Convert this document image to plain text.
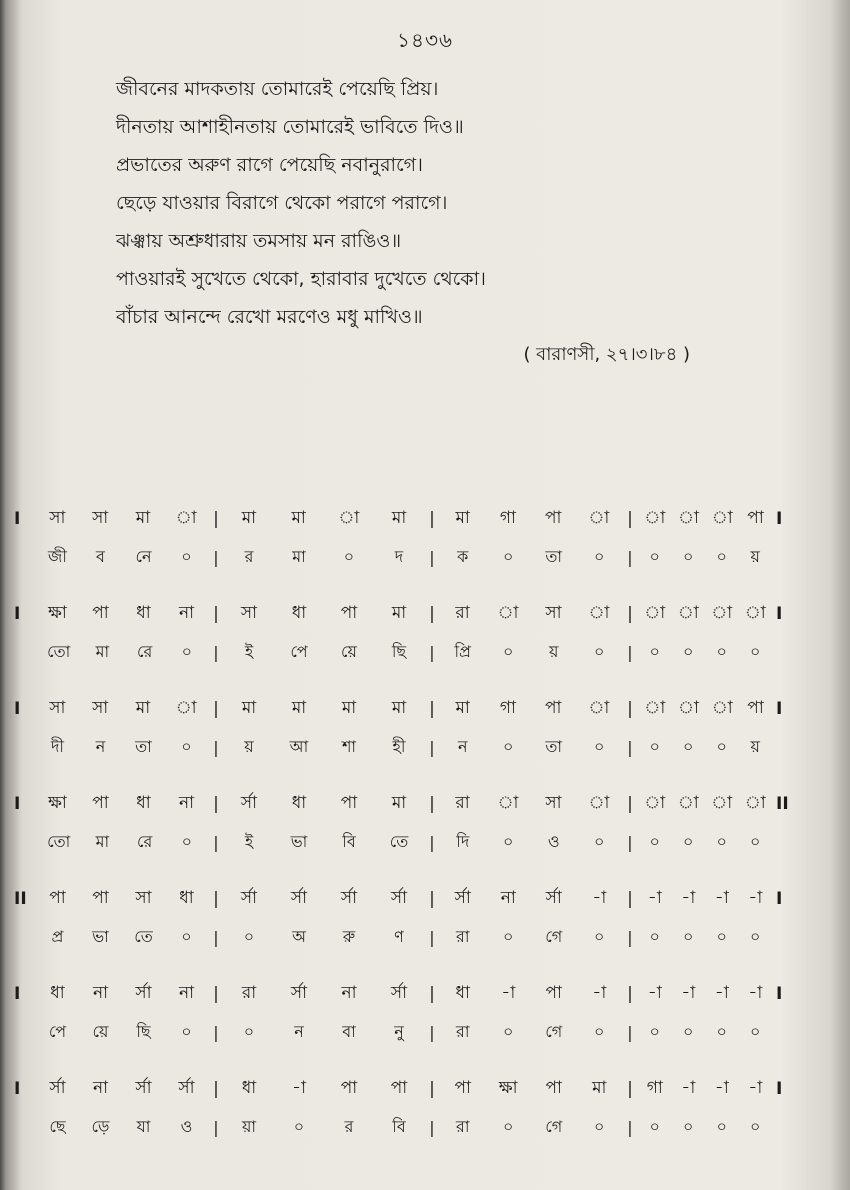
১৪৩৬
জীবনের মাদকতায় তোমারেই পেয়েছি প্রিয়।
দীনতায় আশাহীনতায় তোমারেই ভাবিতে দিও॥
প্রভাতের অরুণ রাগে পেয়েছি নবানুরাগে।
ছেড়ে যাওয়ার বিরাগে থেকো পরাগে পরাগে।
ঝঞ্ঝায় অশ্রুধারায় তমসায় মন রাঙিও॥
পাওয়ারই সুখেতে থেকো, হারাবার দুখেতে থেকো।
বাঁচার আনন্দে রেখো মরণেও মধু মাখিও॥
( বারাণসী, ২৭।৩।৮৪ )
I	সা সা মা া |	মা মা া মা	|	মা গা পা া	| া া া পা I
জী	ব	নে ০	|	র	মা ০	দ	|	ক ০ তা ০	|	০ ০ ০	য়
I	ক্ষা পা ধা না	|	সা ধা পা মা	|	রা া সা া	| া া া া I
তো মা রে ০	|	ই	পে য়ে ছি	|	প্রি ০	য়	০	|	০ ০ ০ ০
I	সা সা মা া |	মা মা মা মা	|	মা গা পা া	| া া া পা I
দী	ন	তা ০	|	য়	আ শা হী	|	ন	০ তা ০	|	০ ০ ০	য়
I	ক্ষা পা ধা না	|	র্সা ধা পা মা	|	রা া সা া	| া া া া II
তো মা রে ০	|	ই	ভা বি তে	|	দি ০ ও ০	|	০ ০ ০ ০
II	পা পা সা ধা	|	র্সা র্সা র্সা র্সা	|	র্সা না র্সা -া	| -া -া -া -া I
প্র ভা তে ০	|	০ অ রু	ণ	|	রা ০ গে ০	|	০ ০ ০ ০
I	ধা না র্সা না	|	রা র্সা না র্সা	|	ধা -া পা -া	| -া -া -া -া I
পে য়ে ছি ০	|	০	ন	বা	নু	|	রা ০ গে ০	|	০ ০ ০ ০
I	র্সা না র্সা র্সা	|	ধা -া পা পা	|	পা ক্ষা পা মা	| গা -া -া -া I
ছে ড়ে যা ও	|	য়া ০	র	বি	|	রা ০ গে ০	|	০ ০ ০ ০
